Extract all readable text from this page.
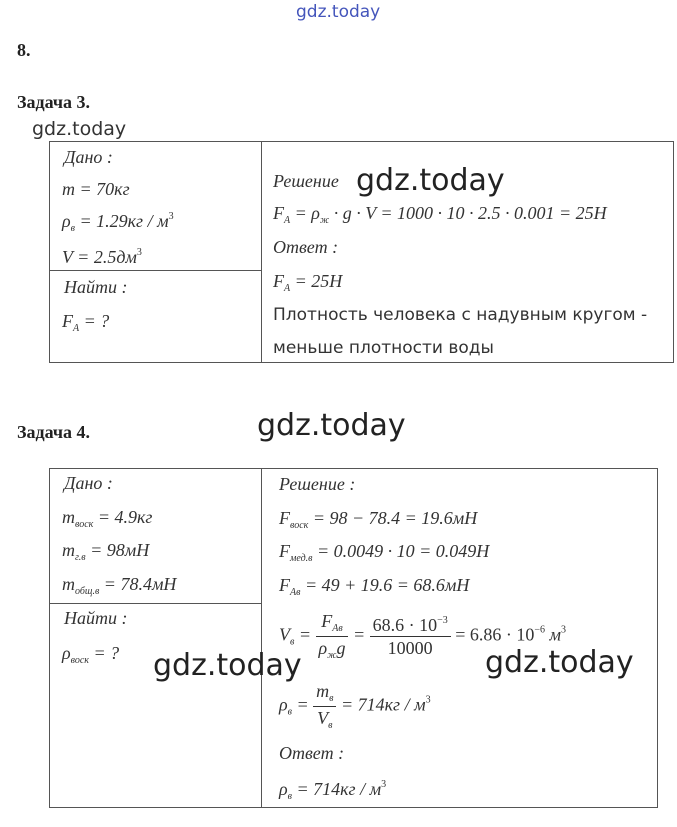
gdz.today
gdz.today
8.
Задача 3.
Дано :
m = 70кг
$\rho_в = 1.29кг / м^3$
$V = 2.5дм^3$
Найти :
$F_A$ = ?
Решение gdz.today
$F_A = \rho_ж \cdot g \cdot V = 1000 \cdot 10 \cdot 2.5 \cdot 0.001 = 25H$
Ответ :
$F_A = 25H$
Плотность человека с надувным кругом -
меньше плотности воды
Задача 4.	gdz.today
Дано :
$m_{воск} = 4.9кг$
$m_{г.в} = 98мН$
$m_{общ.в} = 78.4мН$
Найти :
$\rho_{воск}$ = ? gdz.today
Решение :
$F_{воск} = 98 - 78.4 = 19.6мН$
$F_{мед.в} = 0.0049 \cdot 10 = 0.049H$
$F_{Aв} = 49 + 19.6 = 68.6мН$
$V_в = \frac{F_{Aв}}{\rho_жg} = \frac{68.6 \cdot 10^{-3}}{10000} = 6.86 \cdot 10^{-6}$ $м^3$
gdz.today
$\rho_в = \frac{m_в}{V_в} = 714кг / м^3$
Ответ :
$\rho_в = 714кг / м^3$
